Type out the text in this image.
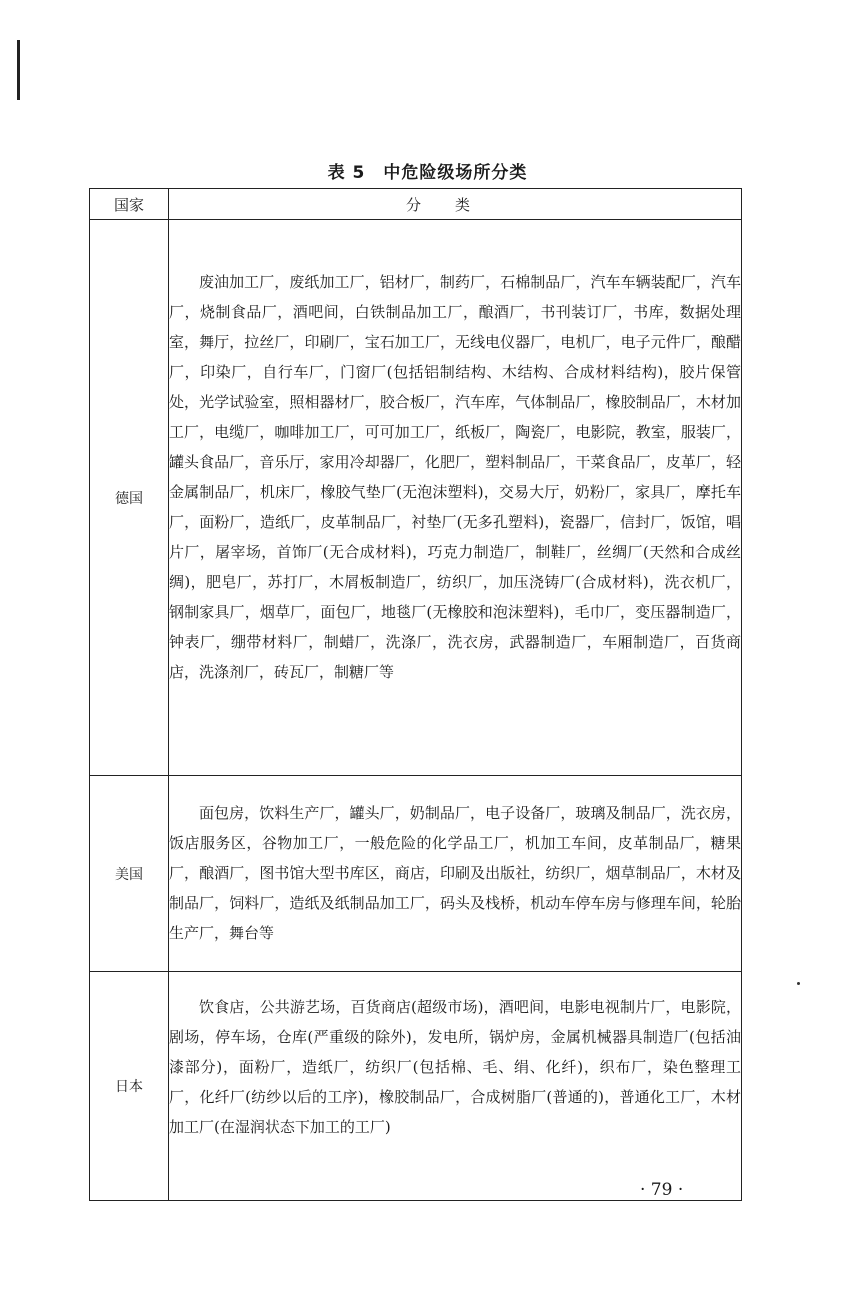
表 5 中危险级场所分类
国家	分类
德国	废油加工厂，废纸加工厂，铝材厂，制药厂，石棉制品厂，汽车车辆装配厂，汽车厂，烧制食品厂，酒吧间，白铁制品加工厂，酿酒厂，书刊装订厂，书库，数据处理室，舞厅，拉丝厂，印刷厂，宝石加工厂，无线电仪器厂，电机厂，电子元件厂，酿醋厂，印染厂，自行车厂，门窗厂(包括铝制结构、木结构、合成材料结构)，胶片保管处，光学试验室，照相器材厂，胶合板厂，汽车库，气体制品厂，橡胶制品厂，木材加工厂，电缆厂，咖啡加工厂，可可加工厂，纸板厂，陶瓷厂，电影院，教室，服装厂，罐头食品厂，音乐厅，家用冷却器厂，化肥厂，塑料制品厂，干菜食品厂，皮革厂，轻金属制品厂，机床厂，橡胶气垫厂(无泡沫塑料)，交易大厅，奶粉厂，家具厂，摩托车厂，面粉厂，造纸厂，皮革制品厂，衬垫厂(无多孔塑料)，瓷器厂，信封厂，饭馆，唱片厂，屠宰场，首饰厂(无合成材料)，巧克力制造厂，制鞋厂，丝绸厂(天然和合成丝绸)，肥皂厂，苏打厂，木屑板制造厂，纺织厂，加压浇铸厂(合成材料)，洗衣机厂，钢制家具厂，烟草厂，面包厂，地毯厂(无橡胶和泡沫塑料)，毛巾厂，变压器制造厂，钟表厂，绷带材料厂，制蜡厂，洗涤厂，洗衣房，武器制造厂，车厢制造厂，百货商店，洗涤剂厂，砖瓦厂，制糖厂等

美国	面包房，饮料生产厂，罐头厂，奶制品厂，电子设备厂，玻璃及制品厂，洗衣房，饭店服务区，谷物加工厂，一般危险的化学品工厂，机加工车间，皮革制品厂，糖果厂，酿酒厂，图书馆大型书库区，商店，印刷及出版社，纺织厂，烟草制品厂，木材及制品厂，饲料厂，造纸及纸制品加工厂，码头及栈桥，机动车停车房与修理车间，轮胎生产厂，舞台等

日本	饮食店，公共游艺场，百货商店(超级市场)，酒吧间，电影电视制片厂，电影院，剧场，停车场，仓库(严重级的除外)，发电所，锅炉房，金属机械器具制造厂(包括油漆部分)，面粉厂，造纸厂，纺织厂(包括棉、毛、绢、化纤)，织布厂，染色整理工厂，化纤厂(纺纱以后的工序)，橡胶制品厂，合成树脂厂(普通的)，普通化工厂，木材加工厂(在湿润状态下加工的工厂)

· 79 ·
